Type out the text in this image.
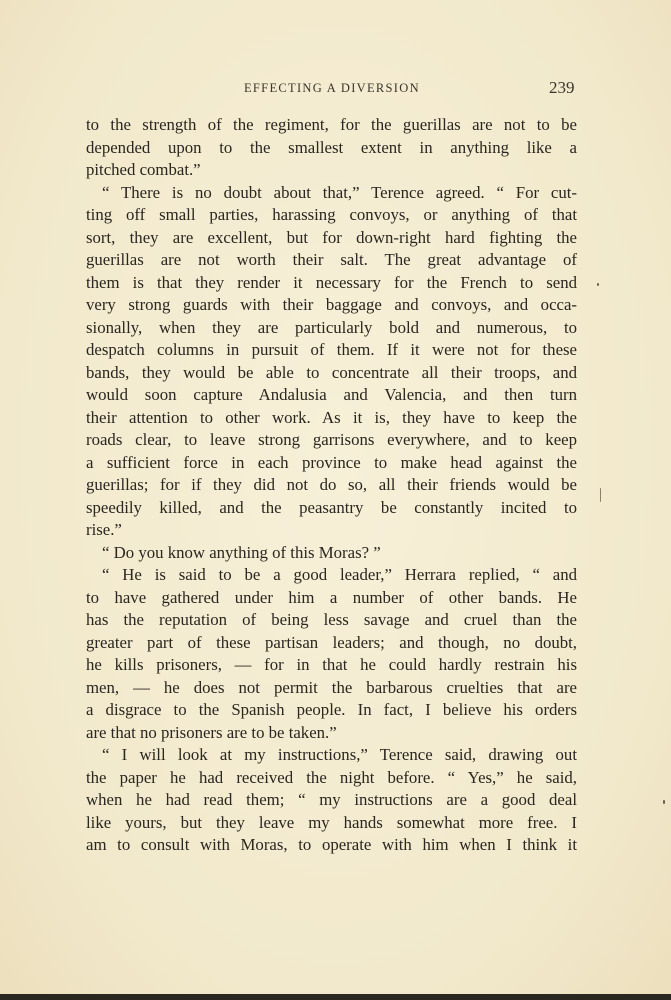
EFFECTING A DIVERSION	239
to the strength of the regiment, for the guerillas are not to be
depended upon to the smallest extent in anything like a
pitched combat.”
“ There is no doubt about that,” Terence agreed. “ For cut-
ting off small parties, harassing convoys, or anything of that
sort, they are excellent, but for down-right hard fighting the
guerillas are not worth their salt. The great advantage of
them is that they render it necessary for the French to send
very strong guards with their baggage and convoys, and occa-
sionally, when they are particularly bold and numerous, to
despatch columns in pursuit of them. If it were not for these
bands, they would be able to concentrate all their troops, and
would soon capture Andalusia and Valencia, and then turn
their attention to other work. As it is, they have to keep the
roads clear, to leave strong garrisons everywhere, and to keep
a sufficient force in each province to make head against the
guerillas; for if they did not do so, all their friends would be
speedily killed, and the peasantry be constantly incited to
rise.”
“ Do you know anything of this Moras? ”
“ He is said to be a good leader,” Herrara replied, “ and
to have gathered under him a number of other bands. He
has the reputation of being less savage and cruel than the
greater part of these partisan leaders; and though, no doubt,
he kills prisoners, — for in that he could hardly restrain his
men, — he does not permit the barbarous cruelties that are
a disgrace to the Spanish people. In fact, I believe his orders
are that no prisoners are to be taken.”
“ I will look at my instructions,” Terence said, drawing out
the paper he had received the night before. “ Yes,” he said,
when he had read them; “ my instructions are a good deal
like yours, but they leave my hands somewhat more free. I
am to consult with Moras, to operate with him when I think it
